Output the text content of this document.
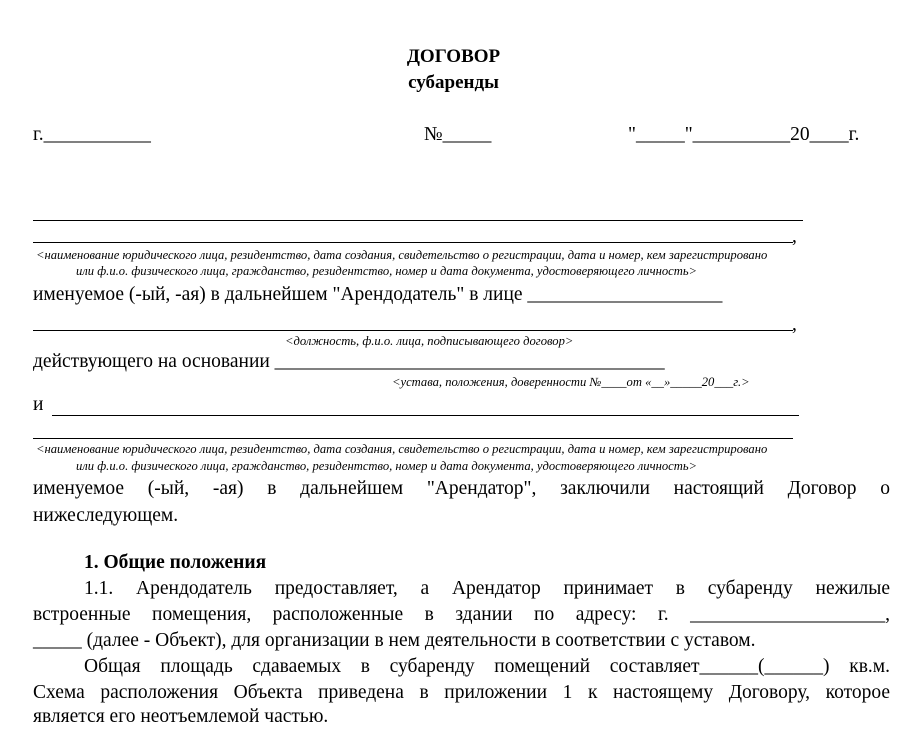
ДОГОВОР
субаренды
г.___________	№_____	"_____"__________20____г.
,
<наименование юридического лица, резидентство, дата создания, свидетельство о регистрации, дата и номер, кем зарегистрировано
или ф.и.о. физического лица, гражданство, резидентство, номер и дата документа, удостоверяющего личность>
именуемое (-ый, -ая) в дальнейшем "Арендодатель" в лице ____________________
,
<должность, ф.и.о. лица, подписывающего договор>
действующего на основании ________________________________________
<устава, положения, доверенности №____от «__»_____20___г.>
и
<наименование юридического лица, резидентство, дата создания, свидетельство о регистрации, дата и номер, кем зарегистрировано
или ф.и.о. физического лица, гражданство, резидентство, номер и дата документа, удостоверяющего личность>
именуемое (-ый, -ая) в дальнейшем "Арендатор", заключили настоящий Договор о
нижеследующем.
1. Общие положения
1.1. Арендодатель предоставляет, а Арендатор принимает в субаренду нежилые
встроенные помещения, расположенные в здании по адресу: г. ____________________,
_____ (далее - Объект), для организации в нем деятельности в соответствии с уставом.
Общая площадь сдаваемых в субаренду помещений составляет______(______) кв.м.
Схема расположения Объекта приведена в приложении 1 к настоящему Договору, которое
является его неотъемлемой частью.
